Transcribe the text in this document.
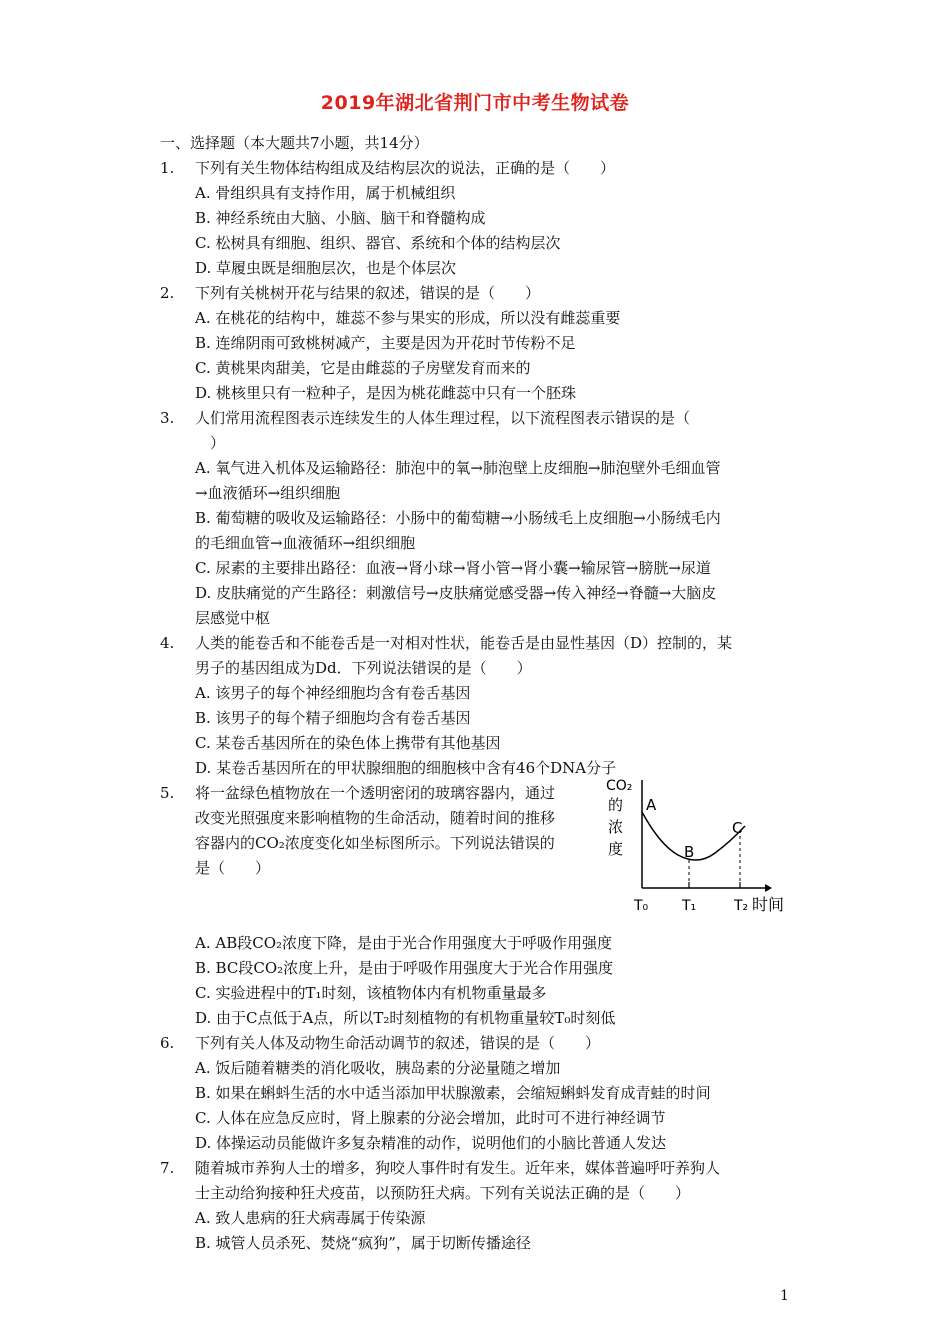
2019年湖北省荆门市中考生物试卷
一、选择题（本大题共7小题，共14分）
1. 下列有关生物体结构组成及结构层次的说法，正确的是（　　）
A. 骨组织具有支持作用，属于机械组织
B. 神经系统由大脑、小脑、脑干和脊髓构成
C. 松树具有细胞、组织、器官、系统和个体的结构层次
D. 草履虫既是细胞层次，也是个体层次
2. 下列有关桃树开花与结果的叙述，错误的是（　　）
A. 在桃花的结构中，雄蕊不参与果实的形成，所以没有雌蕊重要
B. 连绵阴雨可致桃树减产，主要是因为开花时节传粉不足
C. 黄桃果肉甜美，它是由雌蕊的子房壁发育而来的
D. 桃核里只有一粒种子，是因为桃花雌蕊中只有一个胚珠
3. 人们常用流程图表示连续发生的人体生理过程，以下流程图表示错误的是（
）
A. 氧气进入机体及运输路径：肺泡中的氧→肺泡壁上皮细胞→肺泡壁外毛细血管
→血液循环→组织细胞
B. 葡萄糖的吸收及运输路径：小肠中的葡萄糖→小肠绒毛上皮细胞→小肠绒毛内
的毛细血管→血液循环→组织细胞
C. 尿素的主要排出路径：血液→肾小球→肾小管→肾小囊→输尿管→膀胱→尿道
D. 皮肤痛觉的产生路径：刺激信号→皮肤痛觉感受器→传入神经→脊髓→大脑皮
层感觉中枢
4. 人类的能卷舌和不能卷舌是一对相对性状，能卷舌是由显性基因（D）控制的，某
男子的基因组成为Dd．下列说法错误的是（　　）
A. 该男子的每个神经细胞均含有卷舌基因
B. 该男子的每个精子细胞均含有卷舌基因
C. 某卷舌基因所在的染色体上携带有其他基因
D. 某卷舌基因所在的甲状腺细胞的细胞核中含有46个DNA分子
5. 将一盆绿色植物放在一个透明密闭的玻璃容器内，通过
改变光照强度来影响植物的生命活动，随着时间的推移
容器内的CO₂浓度变化如坐标图所示。下列说法错误的
是（　　）
A. AB段CO₂浓度下降，是由于光合作用强度大于呼吸作用强度
B. BC段CO₂浓度上升，是由于呼吸作用强度大于光合作用强度
C. 实验进程中的T₁时刻，该植物体内有机物重量最多
D. 由于C点低于A点，所以T₂时刻植物的有机物重量较T₀时刻低
6. 下列有关人体及动物生命活动调节的叙述，错误的是（　　）
A. 饭后随着糖类的消化吸收，胰岛素的分泌量随之增加
B. 如果在蝌蚪生活的水中适当添加甲状腺激素，会缩短蝌蚪发育成青蛙的时间
C. 人体在应急反应时，肾上腺素的分泌会增加，此时可不进行神经调节
D. 体操运动员能做许多复杂精准的动作，说明他们的小脑比普通人发达
7. 随着城市养狗人士的增多，狗咬人事件时有发生。近年来，媒体普遍呼吁养狗人
士主动给狗接种狂犬疫苗，以预防狂犬病。下列有关说法正确的是（　　）
A. 致人患病的狂犬病毒属于传染源
B. 城管人员杀死、焚烧“疯狗”，属于切断传播途径
CO₂
的
浓
度
A
B
C
T₀ T₁	T₂ 时间
1
